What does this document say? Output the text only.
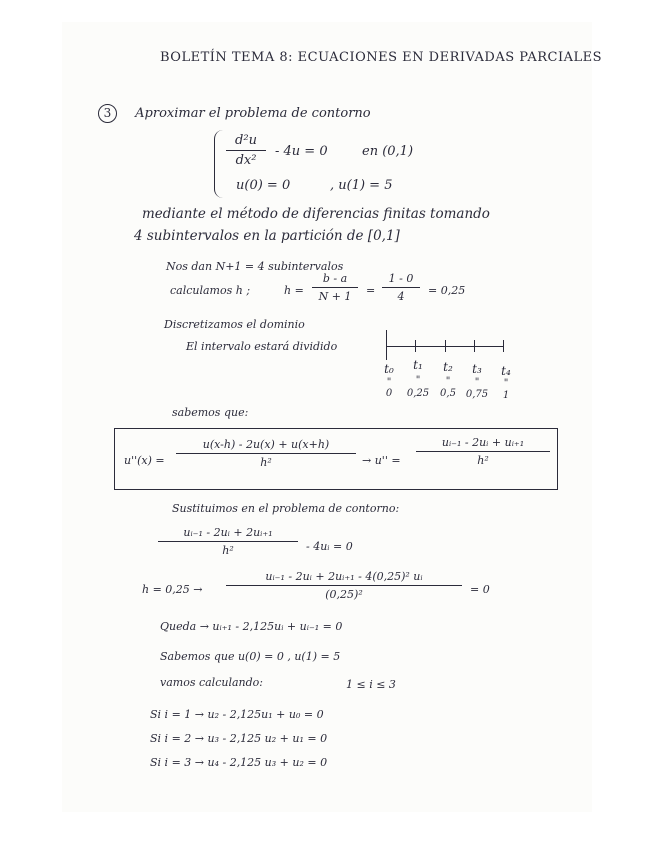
BOLETÍN TEMA 8: ECUACIONES EN DERIVADAS PARCIALES
3 Aproximar el problema de contorno
d²u
dx²
- 4u = 0	en (0,1)
u(0) = 0	, u(1) = 5
mediante el método de diferencias finitas tomando
4 subintervalos en la partición de [0,1]
Nos dan N+1 = 4 subintervalos
calculamos h ;	h =
b - a
N + 1	=
1 - 0
4	= 0,25
Discretizamos el dominio
El intervalo estará dividido
t₀	t₁	t₂	t₃	t₄
"	"	"	"	"
0	0,25	0,5 0,75	1
sabemos que:
u''(x) =
u(x-h) - 2u(x) + u(x+h)
h²	→ u'' =
uᵢ₋₁ - 2uᵢ + uᵢ₊₁
h²
Sustituimos en el problema de contorno:
uᵢ₋₁ - 2uᵢ + 2uᵢ₊₁
h²	- 4uᵢ = 0
h = 0,25 →
uᵢ₋₁ - 2uᵢ + 2uᵢ₊₁ - 4(0,25)² uᵢ
(0,25)²	= 0
Queda → uᵢ₊₁ - 2,125uᵢ + uᵢ₋₁ = 0
Sabemos que u(0) = 0 , u(1) = 5
vamos calculando:	1 ≤ i ≤ 3
Si i = 1 → u₂ - 2,125u₁ + u₀ = 0
Si i = 2 → u₃ - 2,125 u₂ + u₁ = 0
Si i = 3 → u₄ - 2,125 u₃ + u₂ = 0
